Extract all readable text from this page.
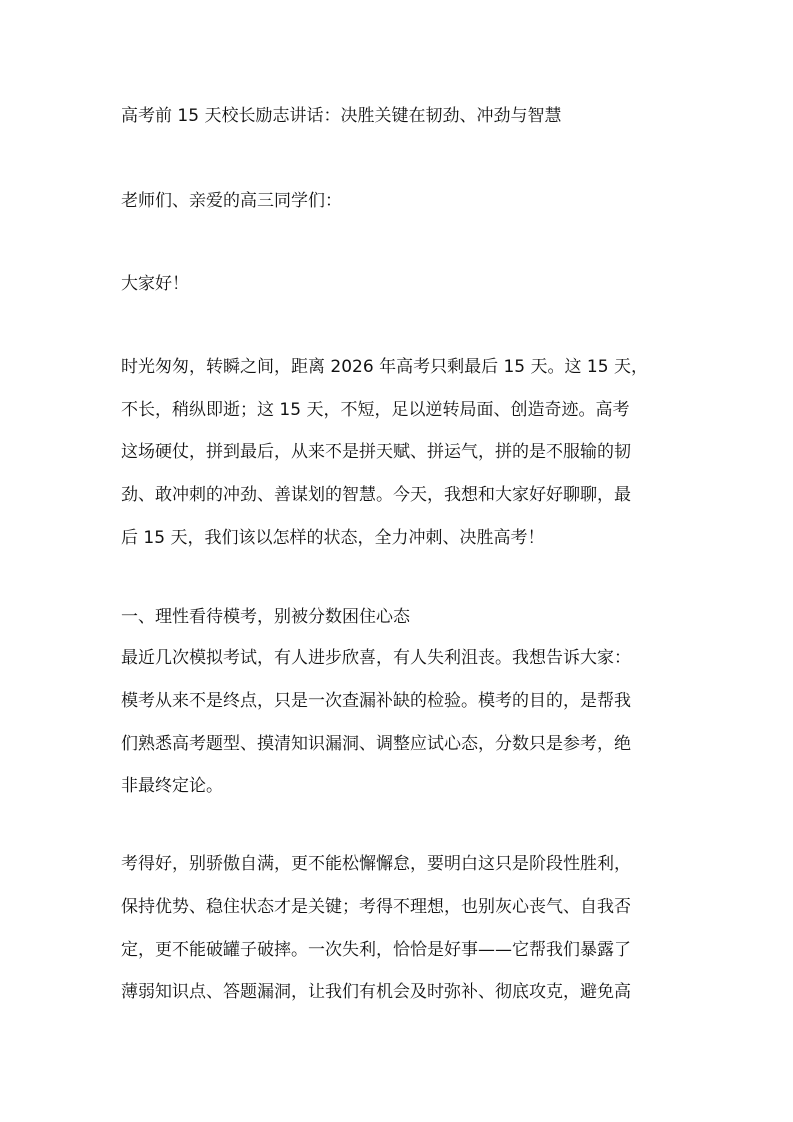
高考前 15 天校长励志讲话：决胜关键在韧劲、冲劲与智慧
老师们、亲爱的高三同学们：
大家好！
时光匆匆，转瞬之间，距离 2026 年高考只剩最后 15 天。这 15 天，
不长，稍纵即逝；这 15 天，不短，足以逆转局面、创造奇迹。高考
这场硬仗，拼到最后，从来不是拼天赋、拼运气，拼的是不服输的韧
劲、敢冲刺的冲劲、善谋划的智慧。今天，我想和大家好好聊聊，最
后 15 天，我们该以怎样的状态，全力冲刺、决胜高考！
一、理性看待模考，别被分数困住心态
最近几次模拟考试，有人进步欣喜，有人失利沮丧。我想告诉大家：
模考从来不是终点，只是一次查漏补缺的检验。模考的目的，是帮我
们熟悉高考题型、摸清知识漏洞、调整应试心态，分数只是参考，绝
非最终定论。
考得好，别骄傲自满，更不能松懈懈怠，要明白这只是阶段性胜利，
保持优势、稳住状态才是关键；考得不理想，也别灰心丧气、自我否
定，更不能破罐子破摔。一次失利，恰恰是好事——它帮我们暴露了
薄弱知识点、答题漏洞，让我们有机会及时弥补、彻底攻克，避免高
